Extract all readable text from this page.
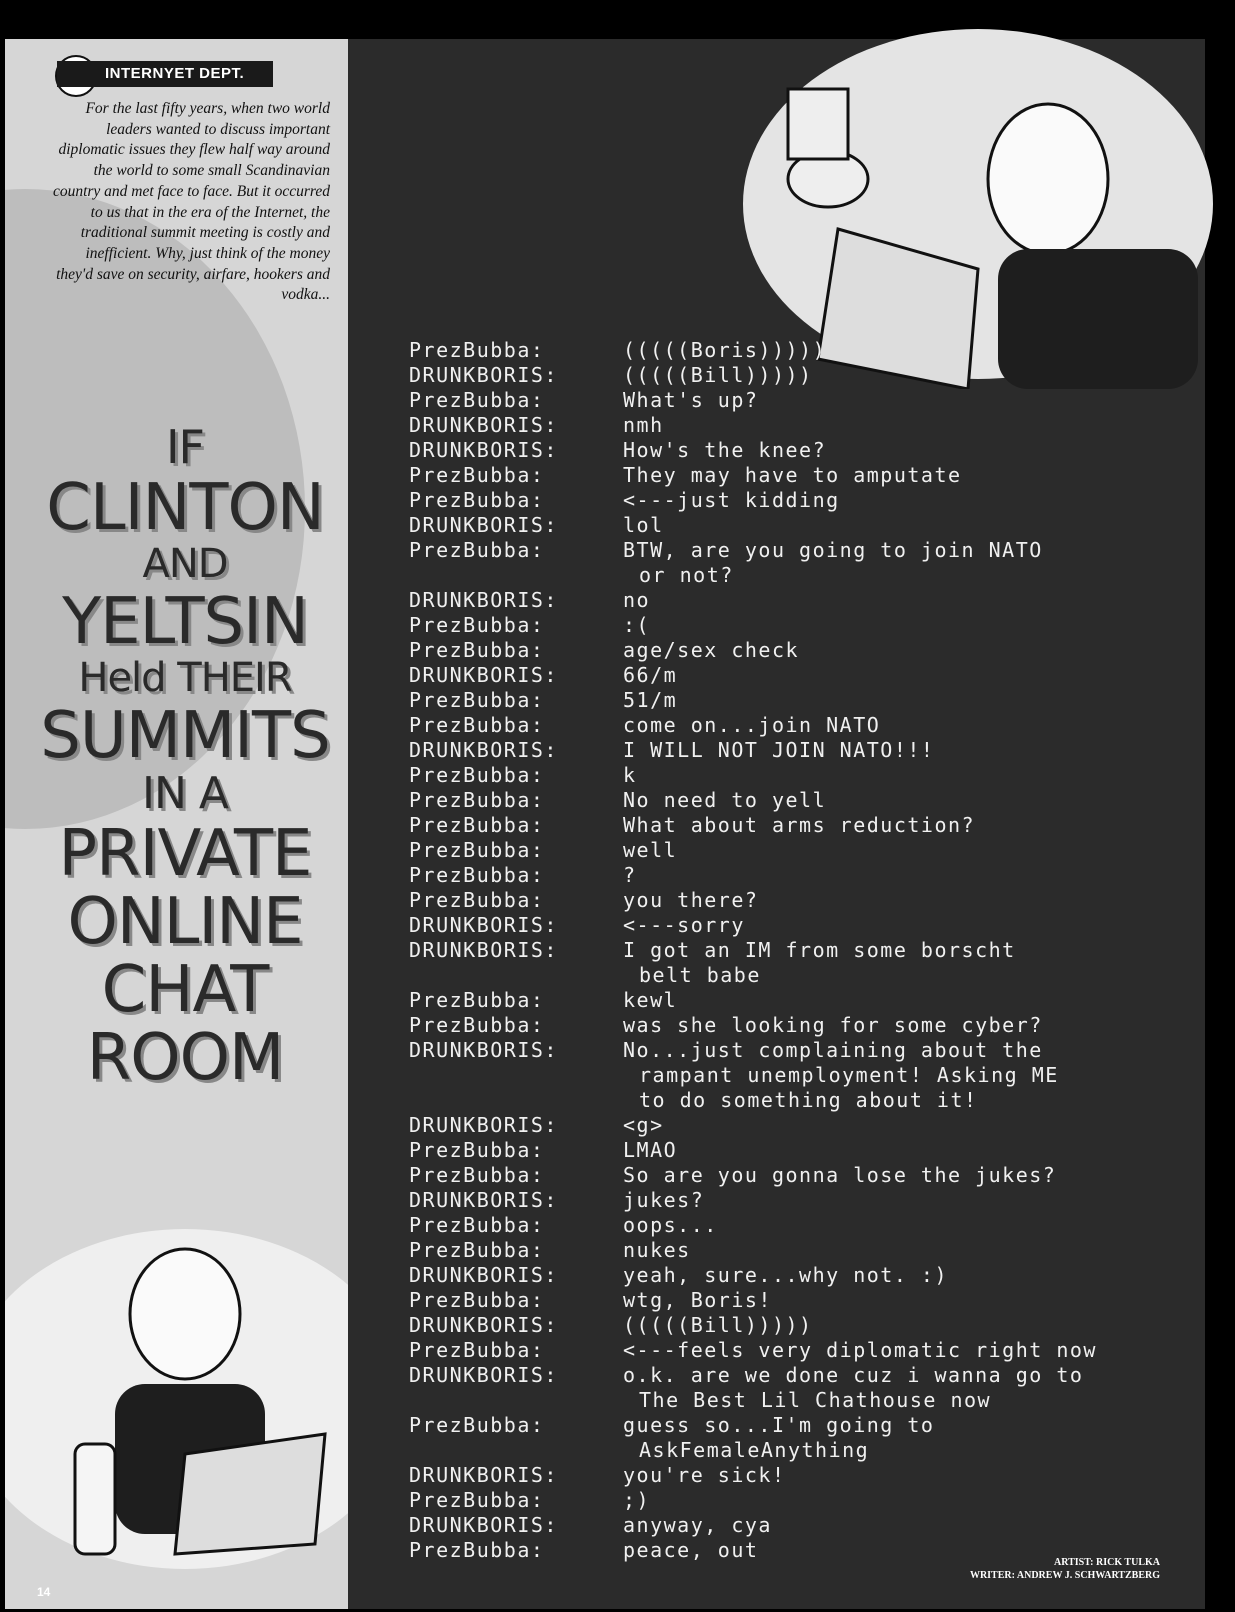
INTERNYET DEPT.
For the last fifty years, when two world leaders wanted to discuss important diplomatic issues they flew half way around the world to some small Scandinavian country and met face to face. But it occurred to us that in the era of the Internet, the traditional summit meeting is costly and inefficient. Why, just think of the money they'd save on security, airfare, hookers and vodka...
IF
CLINTON
AND
YELTSIN
Held THEIR
SUMMITS
IN A
PRIVATE
ONLINE
CHAT
ROOM
14
PrezBubba:	(((((Boris)))))
DRUNKBORIS:	(((((Bill)))))
PrezBubba:	What's up?
DRUNKBORIS:	nmh
DRUNKBORIS:	How's the knee?
PrezBubba:	They may have to amputate
PrezBubba:	<---just kidding
DRUNKBORIS:	lol
PrezBubba:	BTW, are you going to join NATO
or not?
DRUNKBORIS:	no
PrezBubba:	:(
PrezBubba:	age/sex check
DRUNKBORIS:	66/m
PrezBubba:	51/m
PrezBubba:	come on...join NATO
DRUNKBORIS:	I WILL NOT JOIN NATO!!!
PrezBubba:	k
PrezBubba:	No need to yell
PrezBubba:	What about arms reduction?
PrezBubba:	well
PrezBubba:	?
PrezBubba:	you there?
DRUNKBORIS:	<---sorry
DRUNKBORIS:	I got an IM from some borscht
belt babe
PrezBubba:	kewl
PrezBubba:	was she looking for some cyber?
DRUNKBORIS:	No...just complaining about the
rampant unemployment! Asking ME
to do something about it!
DRUNKBORIS:	<g>
PrezBubba:	LMAO
PrezBubba:	So are you gonna lose the jukes?
DRUNKBORIS:	jukes?
PrezBubba:	oops...
PrezBubba:	nukes
DRUNKBORIS:	yeah, sure...why not. :)
PrezBubba:	wtg, Boris!
DRUNKBORIS:	(((((Bill)))))
PrezBubba:	<---feels very diplomatic right now
DRUNKBORIS:	o.k. are we done cuz i wanna go to
The Best Lil Chathouse now
PrezBubba:	guess so...I'm going to
AskFemaleAnything
DRUNKBORIS:	you're sick!
PrezBubba:	;)
DRUNKBORIS:	anyway, cya
PrezBubba:	peace, out
ARTIST: RICK TULKA
WRITER: ANDREW J. SCHWARTZBERG
